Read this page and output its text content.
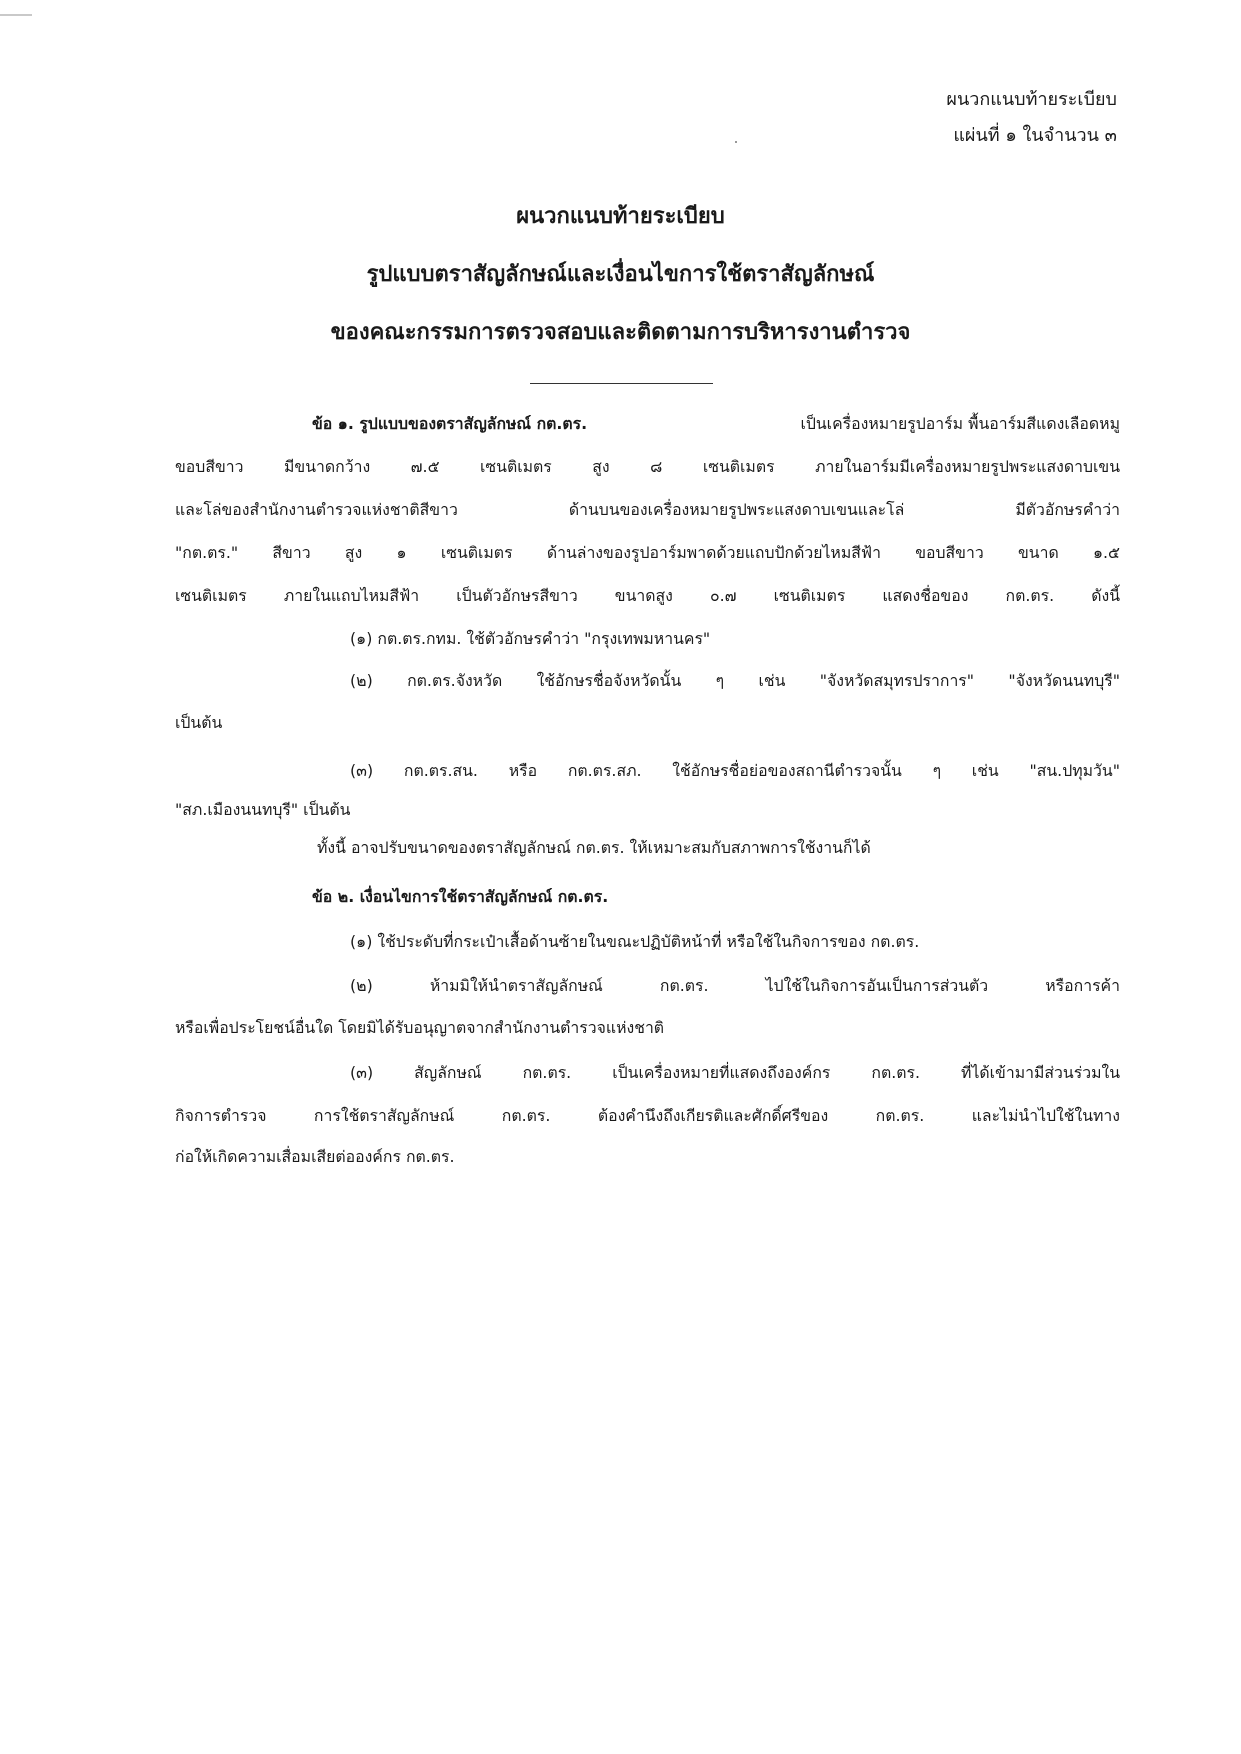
ผนวกแนบท้ายระเบียบ
แผ่นที่ ๑ ในจำนวน ๓
ผนวกแนบท้ายระเบียบ
รูปแบบตราสัญลักษณ์และเงื่อนไขการใช้ตราสัญลักษณ์
ของคณะกรรมการตรวจสอบและติดตามการบริหารงานตำรวจ
ข้อ ๑. รูปแบบของตราสัญลักษณ์ กต.ตร.	เป็นเครื่องหมายรูปอาร์ม พื้นอาร์มสีแดงเลือดหมู
ขอบสีขาว มีขนาดกว้าง ๗.๕ เซนติเมตร สูง ๘ เซนติเมตร ภายในอาร์มมีเครื่องหมายรูปพระแสงดาบเขน
และโล่ของสำนักงานตำรวจแห่งชาติสีขาว ด้านบนของเครื่องหมายรูปพระแสงดาบเขนและโล่ มีตัวอักษรคำว่า
"กต.ตร." สีขาว สูง ๑ เซนติเมตร ด้านล่างของรูปอาร์มพาดด้วยแถบปักด้วยไหมสีฟ้า ขอบสีขาว ขนาด ๑.๕
เซนติเมตร ภายในแถบไหมสีฟ้า เป็นตัวอักษรสีขาว ขนาดสูง ๐.๗ เซนติเมตร แสดงชื่อของ กต.ตร. ดังนี้
(๑) กต.ตร.กทม. ใช้ตัวอักษรคำว่า "กรุงเทพมหานคร"
(๒) กต.ตร.จังหวัด ใช้อักษรชื่อจังหวัดนั้น ๆ เช่น "จังหวัดสมุทรปราการ" "จังหวัดนนทบุรี"
เป็นต้น
(๓) กต.ตร.สน. หรือ กต.ตร.สภ. ใช้อักษรชื่อย่อของสถานีตำรวจนั้น ๆ เช่น "สน.ปทุมวัน"
"สภ.เมืองนนทบุรี" เป็นต้น
ทั้งนี้ อาจปรับขนาดของตราสัญลักษณ์ กต.ตร. ให้เหมาะสมกับสภาพการใช้งานก็ได้
ข้อ ๒. เงื่อนไขการใช้ตราสัญลักษณ์ กต.ตร.
(๑) ใช้ประดับที่กระเป๋าเสื้อด้านซ้ายในขณะปฏิบัติหน้าที่ หรือใช้ในกิจการของ กต.ตร.
(๒) ห้ามมิให้นำตราสัญลักษณ์ กต.ตร. ไปใช้ในกิจการอันเป็นการส่วนตัว หรือการค้า
หรือเพื่อประโยชน์อื่นใด โดยมิได้รับอนุญาตจากสำนักงานตำรวจแห่งชาติ
(๓) สัญลักษณ์ กต.ตร. เป็นเครื่องหมายที่แสดงถึงองค์กร กต.ตร. ที่ได้เข้ามามีส่วนร่วมใน
กิจการตำรวจ การใช้ตราสัญลักษณ์ กต.ตร. ต้องคำนึงถึงเกียรติและศักดิ์ศรีของ กต.ตร. และไม่นำไปใช้ในทาง
ก่อให้เกิดความเสื่อมเสียต่อองค์กร กต.ตร.
